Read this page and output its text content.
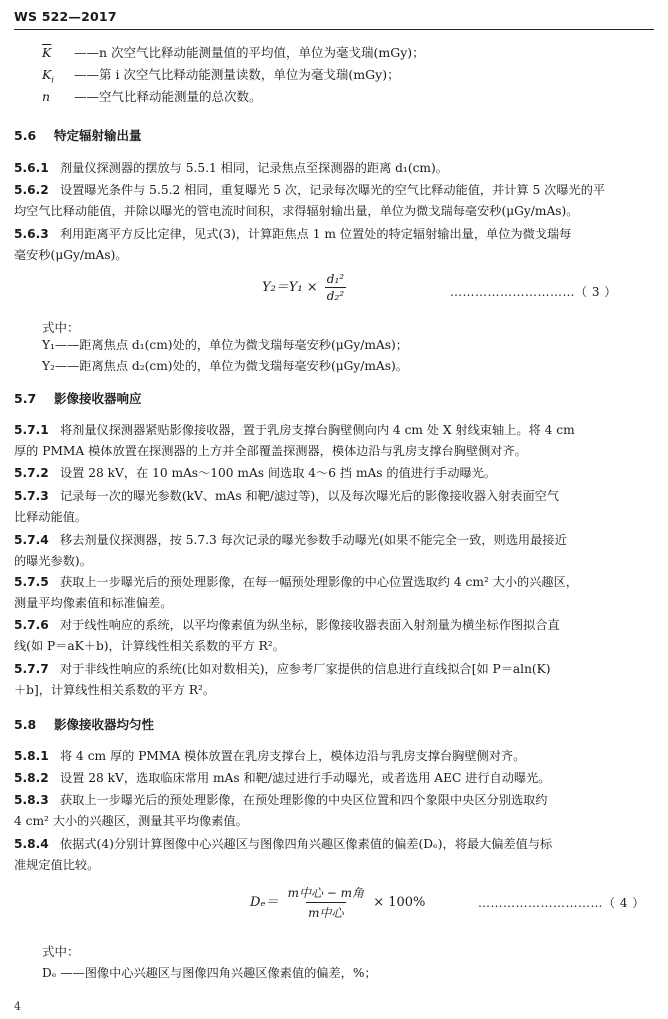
WS 522—2017
$\overline{K}$ ——n 次空气比释动能测量值的平均值，单位为毫戈瑞(mGy)；
$K_i$ ——第 i 次空气比释动能测量读数，单位为毫戈瑞(mGy)；
n ——空气比释动能测量的总次数。
5.6 特定辐射输出量
5.6.1 剂量仪探测器的摆放与 5.5.1 相同，记录焦点至探测器的距离 d₁(cm)。
5.6.2 设置曝光条件与 5.5.2 相同，重复曝光 5 次，记录每次曝光的空气比释动能值，并计算 5 次曝光的平
均空气比释动能值，并除以曝光的管电流时间积，求得辐射输出量，单位为微戈瑞每毫安秒(μGy/mAs)。
5.6.3 利用距离平方反比定律，见式(3)，计算距焦点 1 m 位置处的特定辐射输出量，单位为微戈瑞每
毫安秒(μGy/mAs)。
$Y_2=Y_1 \times \frac{\text{d₁²}}{\text{d₂²}}$	…………………………（ 3 ）
式中：
Y₁——距离焦点 d₁(cm)处的，单位为微戈瑞每毫安秒(μGy/mAs)；
Y₂——距离焦点 d₂(cm)处的，单位为微戈瑞每毫安秒(μGy/mAs)。
5.7 影像接收器响应
5.7.1 将剂量仪探测器紧贴影像接收器，置于乳房支撑台胸壁侧向内 4 cm 处 X 射线束轴上。将 4 cm
厚的 PMMA 模体放置在探测器的上方并全部覆盖探测器，模体边沿与乳房支撑台胸壁侧对齐。
5.7.2 设置 28 kV，在 10 mAs～100 mAs 间选取 4～6 挡 mAs 的值进行手动曝光。
5.7.3 记录每一次的曝光参数(kV、mAs 和靶/滤过等)，以及每次曝光后的影像接收器入射表面空气
比释动能值。
5.7.4 移去剂量仪探测器，按 5.7.3 每次记录的曝光参数手动曝光(如果不能完全一致，则选用最接近
的曝光参数)。
5.7.5 获取上一步曝光后的预处理影像，在每一幅预处理影像的中心位置选取约 4 cm² 大小的兴趣区，
测量平均像素值和标准偏差。
5.7.6 对于线性响应的系统，以平均像素值为纵坐标，影像接收器表面入射剂量为横坐标作图拟合直
线(如 P＝aK＋b)，计算线性相关系数的平方 R²。
5.7.7 对于非线性响应的系统(比如对数相关)，应参考厂家提供的信息进行直线拟合[如 P＝aln(K)
＋b]，计算线性相关系数的平方 R²。
5.8 影像接收器均匀性
5.8.1 将 4 cm 厚的 PMMA 模体放置在乳房支撑台上，模体边沿与乳房支撑台胸壁侧对齐。
5.8.2 设置 28 kV，选取临床常用 mAs 和靶/滤过进行手动曝光，或者选用 AEC 进行自动曝光。
5.8.3 获取上一步曝光后的预处理影像，在预处理影像的中央区位置和四个象限中央区分别选取约
4 cm² 大小的兴趣区，测量其平均像素值。
5.8.4 依据式(4)分别计算图像中心兴趣区与图像四角兴趣区像素值的偏差(Dₑ)，将最大偏差值与标
准规定值比较。
$D_e= \frac{\text{m中心 − m角}}{\text{m中心}} \times 100\%$	…………………………（ 4 ）
式中：
Dₑ ——图像中心兴趣区与图像四角兴趣区像素值的偏差，%；
4
